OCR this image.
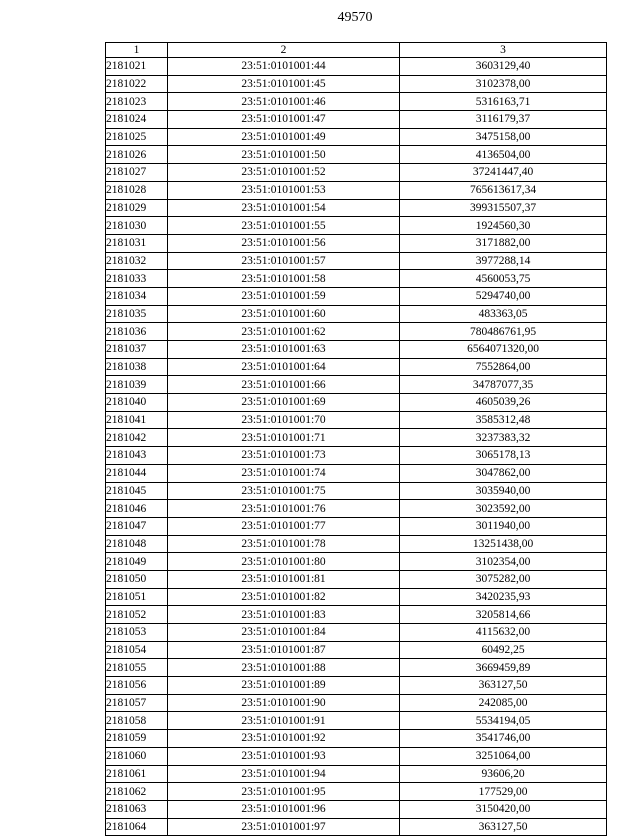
49570
1	2	3
2181021	23:51:0101001:44	3603129,40
2181022	23:51:0101001:45	3102378,00
2181023	23:51:0101001:46	5316163,71
2181024	23:51:0101001:47	3116179,37
2181025	23:51:0101001:49	3475158,00
2181026	23:51:0101001:50	4136504,00
2181027	23:51:0101001:52	37241447,40
2181028	23:51:0101001:53	765613617,34
2181029	23:51:0101001:54	399315507,37
2181030	23:51:0101001:55	1924560,30
2181031	23:51:0101001:56	3171882,00
2181032	23:51:0101001:57	3977288,14
2181033	23:51:0101001:58	4560053,75
2181034	23:51:0101001:59	5294740,00
2181035	23:51:0101001:60	483363,05
2181036	23:51:0101001:62	780486761,95
2181037	23:51:0101001:63	6564071320,00
2181038	23:51:0101001:64	7552864,00
2181039	23:51:0101001:66	34787077,35
2181040	23:51:0101001:69	4605039,26
2181041	23:51:0101001:70	3585312,48
2181042	23:51:0101001:71	3237383,32
2181043	23:51:0101001:73	3065178,13
2181044	23:51:0101001:74	3047862,00
2181045	23:51:0101001:75	3035940,00
2181046	23:51:0101001:76	3023592,00
2181047	23:51:0101001:77	3011940,00
2181048	23:51:0101001:78	13251438,00
2181049	23:51:0101001:80	3102354,00
2181050	23:51:0101001:81	3075282,00
2181051	23:51:0101001:82	3420235,93
2181052	23:51:0101001:83	3205814,66
2181053	23:51:0101001:84	4115632,00
2181054	23:51:0101001:87	60492,25
2181055	23:51:0101001:88	3669459,89
2181056	23:51:0101001:89	363127,50
2181057	23:51:0101001:90	242085,00
2181058	23:51:0101001:91	5534194,05
2181059	23:51:0101001:92	3541746,00
2181060	23:51:0101001:93	3251064,00
2181061	23:51:0101001:94	93606,20
2181062	23:51:0101001:95	177529,00
2181063	23:51:0101001:96	3150420,00
2181064	23:51:0101001:97	363127,50
